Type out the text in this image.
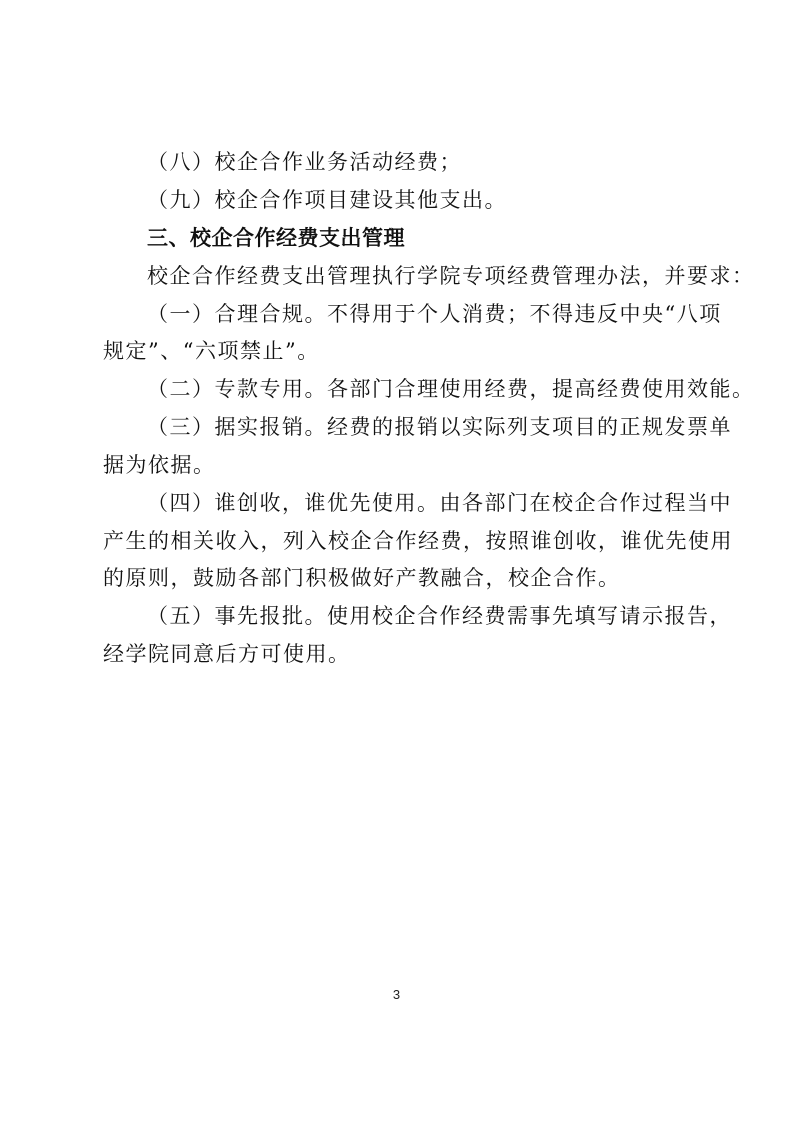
（八）校企合作业务活动经费；
（九）校企合作项目建设其他支出。
三、校企合作经费支出管理
校企合作经费支出管理执行学院专项经费管理办法，并要求：
（一）合理合规。不得用于个人消费；不得违反中央“八项
规定”、“六项禁止”。
（二）专款专用。各部门合理使用经费，提高经费使用效能。
（三）据实报销。经费的报销以实际列支项目的正规发票单
据为依据。
（四）谁创收，谁优先使用。由各部门在校企合作过程当中
产生的相关收入，列入校企合作经费，按照谁创收，谁优先使用
的原则，鼓励各部门积极做好产教融合，校企合作。
（五）事先报批。使用校企合作经费需事先填写请示报告，
经学院同意后方可使用。
3
